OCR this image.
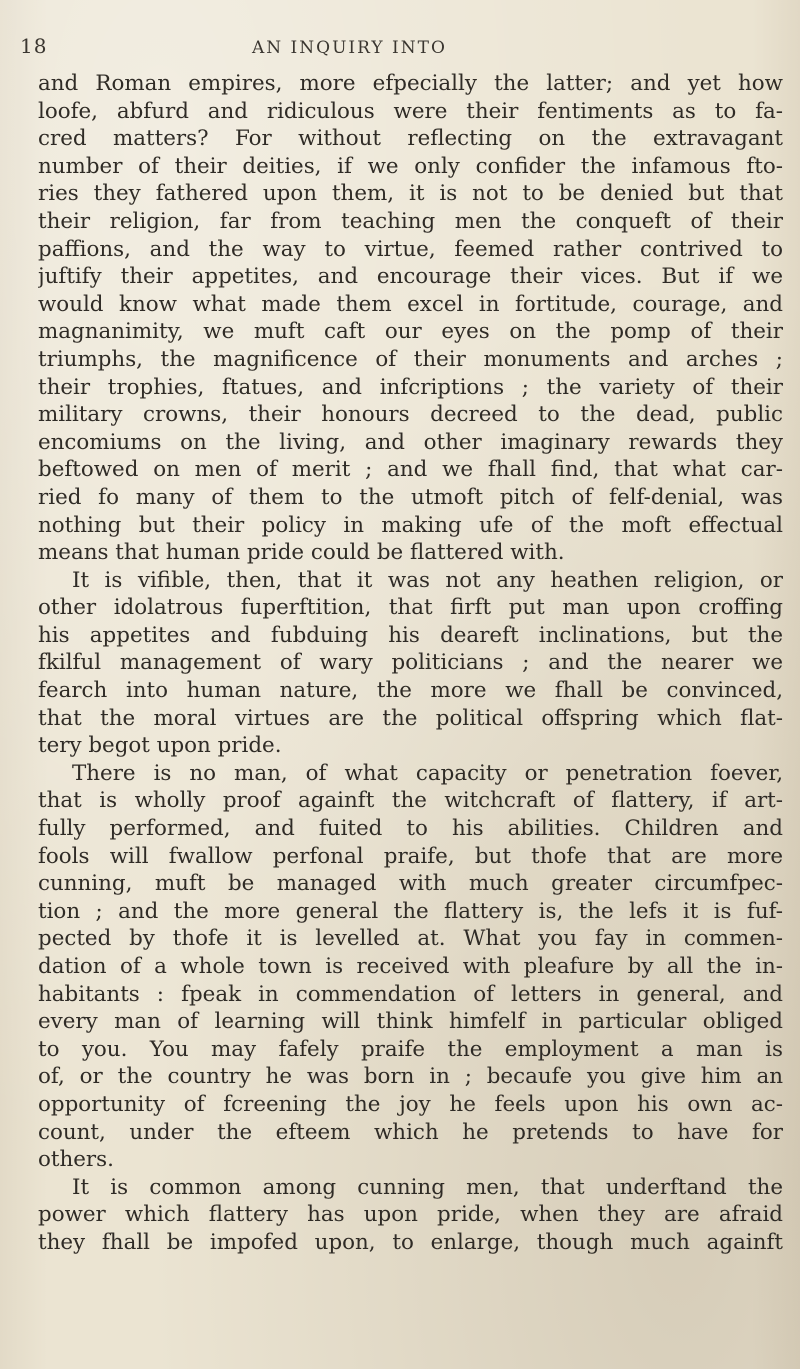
18	AN INQUIRY INTO
and Roman empires, more efpecially the latter; and yet how
loofe, abfurd and ridiculous were their fentiments as to fa-
cred matters? For without reflecting on the extravagant
number of their deities, if we only confider the infamous fto-
ries they fathered upon them, it is not to be denied but that
their religion, far from teaching men the conqueft of their
paffions, and the way to virtue, feemed rather contrived to
juftify their appetites, and encourage their vices. But if we
would know what made them excel in fortitude, courage, and
magnanimity, we muft caft our eyes on the pomp of their
triumphs, the magnificence of their monuments and arches ;
their trophies, ftatues, and infcriptions ; the variety of their
military crowns, their honours decreed to the dead, public
encomiums on the living, and other imaginary rewards they
beftowed on men of merit ; and we fhall find, that what car-
ried fo many of them to the utmoft pitch of felf-denial, was
nothing but their policy in making ufe of the moft effectual
means that human pride could be flattered with.
It is vifible, then, that it was not any heathen religion, or
other idolatrous fuperftition, that firft put man upon croffing
his appetites and fubduing his deareft inclinations, but the
fkilful management of wary politicians ; and the nearer we
fearch into human nature, the more we fhall be convinced,
that the moral virtues are the political offspring which flat-
tery begot upon pride.
There is no man, of what capacity or penetration foever,
that is wholly proof againft the witchcraft of flattery, if art-
fully performed, and fuited to his abilities. Children and
fools will fwallow perfonal praife, but thofe that are more
cunning, muft be managed with much greater circumfpec-
tion ; and the more general the flattery is, the lefs it is fuf-
pected by thofe it is levelled at. What you fay in commen-
dation of a whole town is received with pleafure by all the in-
habitants : fpeak in commendation of letters in general, and
every man of learning will think himfelf in particular obliged
to you. You may fafely praife the employment a man is
of, or the country he was born in ; becaufe you give him an
opportunity of fcreening the joy he feels upon his own ac-
count, under the efteem which he pretends to have for
others.
It is common among cunning men, that underftand the
power which flattery has upon pride, when they are afraid
they fhall be impofed upon, to enlarge, though much againft
